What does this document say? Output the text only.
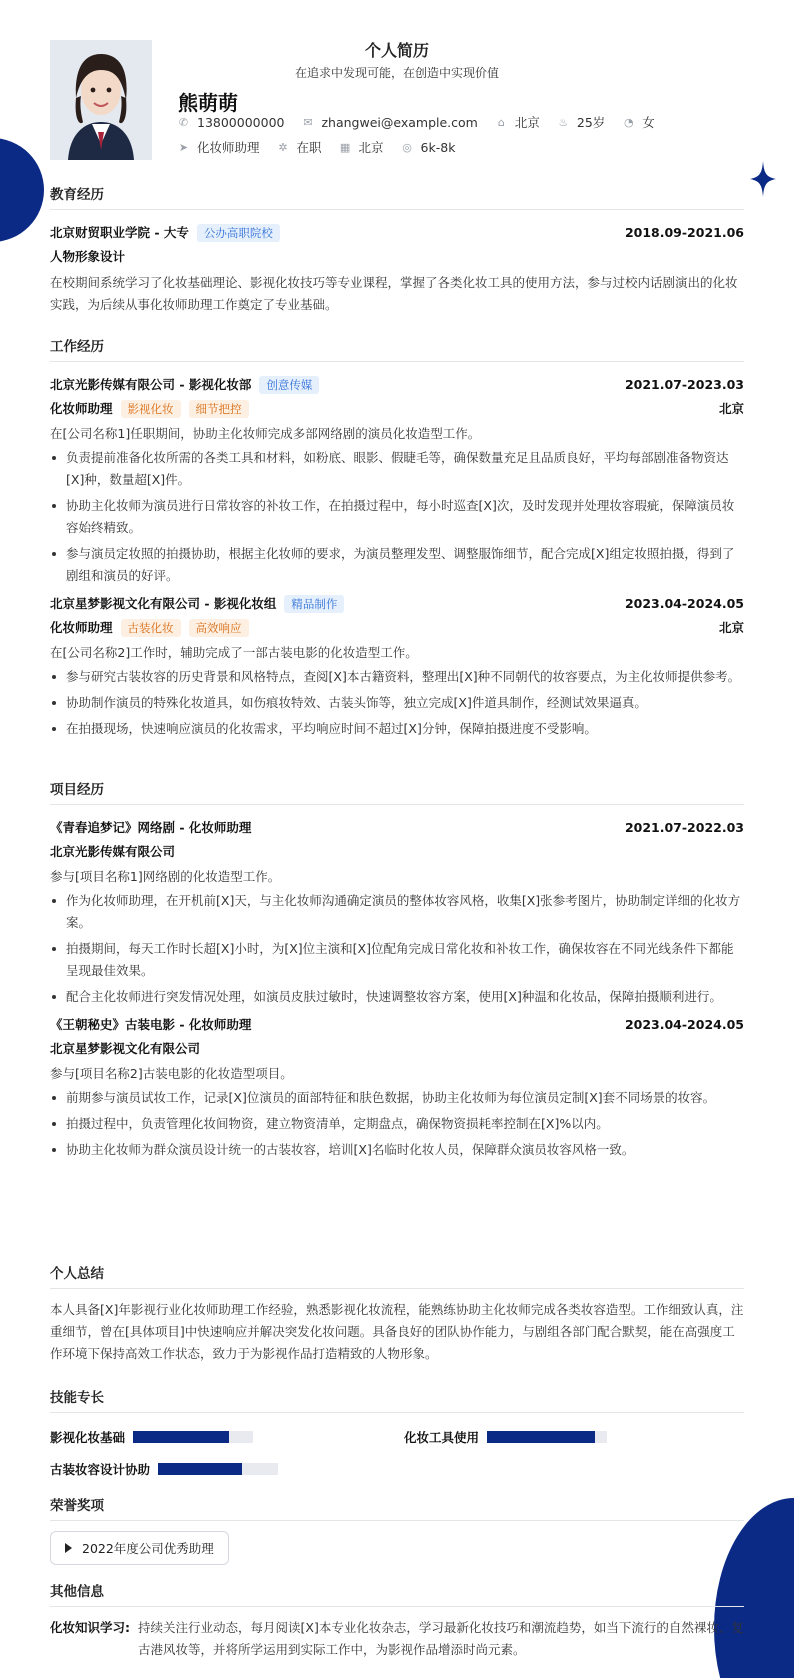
个人简历
在追求中发现可能，在创造中实现价值
熊萌萌
✆ 13800000000 ✉ zhangwei@example.com ⌂ 北京 ♨ 25岁 ◔ 女
➤ 化妆师助理 ✲ 在职 ▦ 北京 ◎ 6k-8k
教育经历
北京财贸职业学院 - 大专 公办高职院校	2018.09-2021.06
人物形象设计
在校期间系统学习了化妆基础理论、影视化妆技巧等专业课程，掌握了各类化妆工具的使用方法，参与过校内话剧演出的化妆实践，为后续从事化妆师助理工作奠定了专业基础。
工作经历
北京光影传媒有限公司 - 影视化妆部 创意传媒	2021.07-2023.03
化妆师助理 影视化妆 细节把控	北京
在[公司名称1]任职期间，协助主化妆师完成多部网络剧的演员化妆造型工作。
负责提前准备化妆所需的各类工具和材料，如粉底、眼影、假睫毛等，确保数量充足且品质良好，平均每部剧准备物资达[X]种，数量超[X]件。
协助主化妆师为演员进行日常妆容的补妆工作，在拍摄过程中，每小时巡查[X]次，及时发现并处理妆容瑕疵，保障演员妆容始终精致。
参与演员定妆照的拍摄协助，根据主化妆师的要求，为演员整理发型、调整服饰细节，配合完成[X]组定妆照拍摄，得到了剧组和演员的好评。
北京星梦影视文化有限公司 - 影视化妆组 精品制作	2023.04-2024.05
化妆师助理 古装化妆 高效响应	北京
在[公司名称2]工作时，辅助完成了一部古装电影的化妆造型工作。
参与研究古装妆容的历史背景和风格特点，查阅[X]本古籍资料，整理出[X]种不同朝代的妆容要点，为主化妆师提供参考。
协助制作演员的特殊化妆道具，如伤痕妆特效、古装头饰等，独立完成[X]件道具制作，经测试效果逼真。
在拍摄现场，快速响应演员的化妆需求，平均响应时间不超过[X]分钟，保障拍摄进度不受影响。
项目经历
《青春追梦记》网络剧 - 化妆师助理	2021.07-2022.03
北京光影传媒有限公司
参与[项目名称1]网络剧的化妆造型工作。
作为化妆师助理，在开机前[X]天，与主化妆师沟通确定演员的整体妆容风格，收集[X]张参考图片，协助制定详细的化妆方案。
拍摄期间，每天工作时长超[X]小时，为[X]位主演和[X]位配角完成日常化妆和补妆工作，确保妆容在不同光线条件下都能呈现最佳效果。
配合主化妆师进行突发情况处理，如演员皮肤过敏时，快速调整妆容方案，使用[X]种温和化妆品，保障拍摄顺利进行。
《王朝秘史》古装电影 - 化妆师助理	2023.04-2024.05
北京星梦影视文化有限公司
参与[项目名称2]古装电影的化妆造型项目。
前期参与演员试妆工作，记录[X]位演员的面部特征和肤色数据，协助主化妆师为每位演员定制[X]套不同场景的妆容。
拍摄过程中，负责管理化妆间物资，建立物资清单，定期盘点，确保物资损耗率控制在[X]%以内。
协助主化妆师为群众演员设计统一的古装妆容，培训[X]名临时化妆人员，保障群众演员妆容风格一致。
个人总结
本人具备[X]年影视行业化妆师助理工作经验，熟悉影视化妆流程，能熟练协助主化妆师完成各类妆容造型。工作细致认真，注重细节，曾在[具体项目]中快速响应并解决突发化妆问题。具备良好的团队协作能力，与剧组各部门配合默契，能在高强度工作环境下保持高效工作状态，致力于为影视作品打造精致的人物形象。
技能专长
影视化妆基础	化妆工具使用
古装妆容设计协助
荣誉奖项
2022年度公司优秀助理
其他信息
化妆知识学习: 持续关注行业动态，每月阅读[X]本专业化妆杂志，学习最新化妆技巧和潮流趋势，如当下流行的自然裸妆、复古港风妆等，并将所学运用到实际工作中，为影视作品增添时尚元素。
